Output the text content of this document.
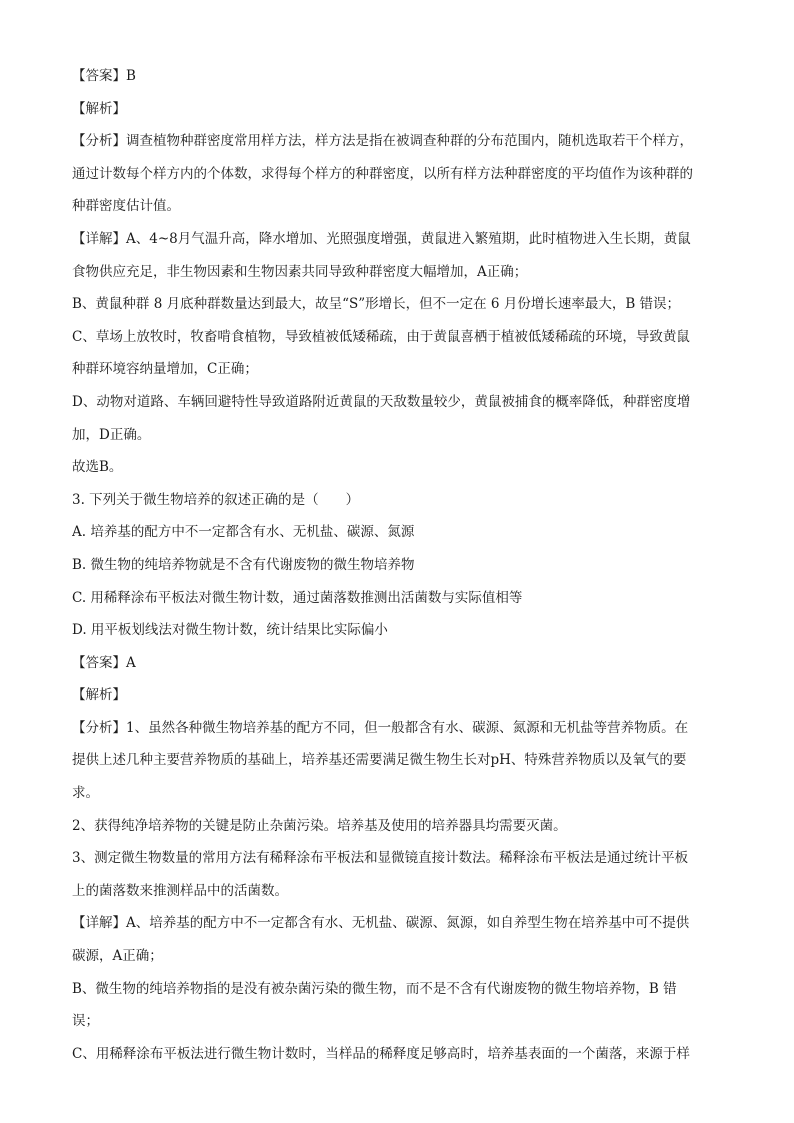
【答案】B
【解析】
【分析】调查植物种群密度常用样方法，样方法是指在被调查种群的分布范围内，随机选取若干个样方，
通过计数每个样方内的个体数，求得每个样方的种群密度，以所有样方法种群密度的平均值作为该种群的
种群密度估计值。
【详解】A、4~8月气温升高，降水增加、光照强度增强，黄鼠进入繁殖期，此时植物进入生长期，黄鼠
食物供应充足，非生物因素和生物因素共同导致种群密度大幅增加，A正确；
B、黄鼠种群 8 月底种群数量达到最大，故呈“S”形增长，但不一定在 6 月份增长速率最大，B 错误；
C、草场上放牧时，牧畜啃食植物，导致植被低矮稀疏，由于黄鼠喜栖于植被低矮稀疏的环境，导致黄鼠
种群环境容纳量增加，C正确；
D、动物对道路、车辆回避特性导致道路附近黄鼠的天敌数量较少，黄鼠被捕食的概率降低，种群密度增
加，D正确。
故选B。
3. 下列关于微生物培养的叙述正确的是（　　）
A. 培养基的配方中不一定都含有水、无机盐、碳源、氮源
B. 微生物的纯培养物就是不含有代谢废物的微生物培养物
C. 用稀释涂布平板法对微生物计数，通过菌落数推测出活菌数与实际值相等
D. 用平板划线法对微生物计数，统计结果比实际偏小
【答案】A
【解析】
【分析】1、虽然各种微生物培养基的配方不同，但一般都含有水、碳源、氮源和无机盐等营养物质。在
提供上述几种主要营养物质的基础上，培养基还需要满足微生物生长对pH、特殊营养物质以及氧气的要
求。
2、获得纯净培养物的关键是防止杂菌污染。培养基及使用的培养器具均需要灭菌。
3、测定微生物数量的常用方法有稀释涂布平板法和显微镜直接计数法。稀释涂布平板法是通过统计平板
上的菌落数来推测样品中的活菌数。
【详解】A、培养基的配方中不一定都含有水、无机盐、碳源、氮源，如自养型生物在培养基中可不提供
碳源，A正确；
B、微生物的纯培养物指的是没有被杂菌污染的微生物，而不是不含有代谢废物的微生物培养物，B 错
误；
C、用稀释涂布平板法进行微生物计数时，当样品的稀释度足够高时，培养基表面的一个菌落，来源于样
